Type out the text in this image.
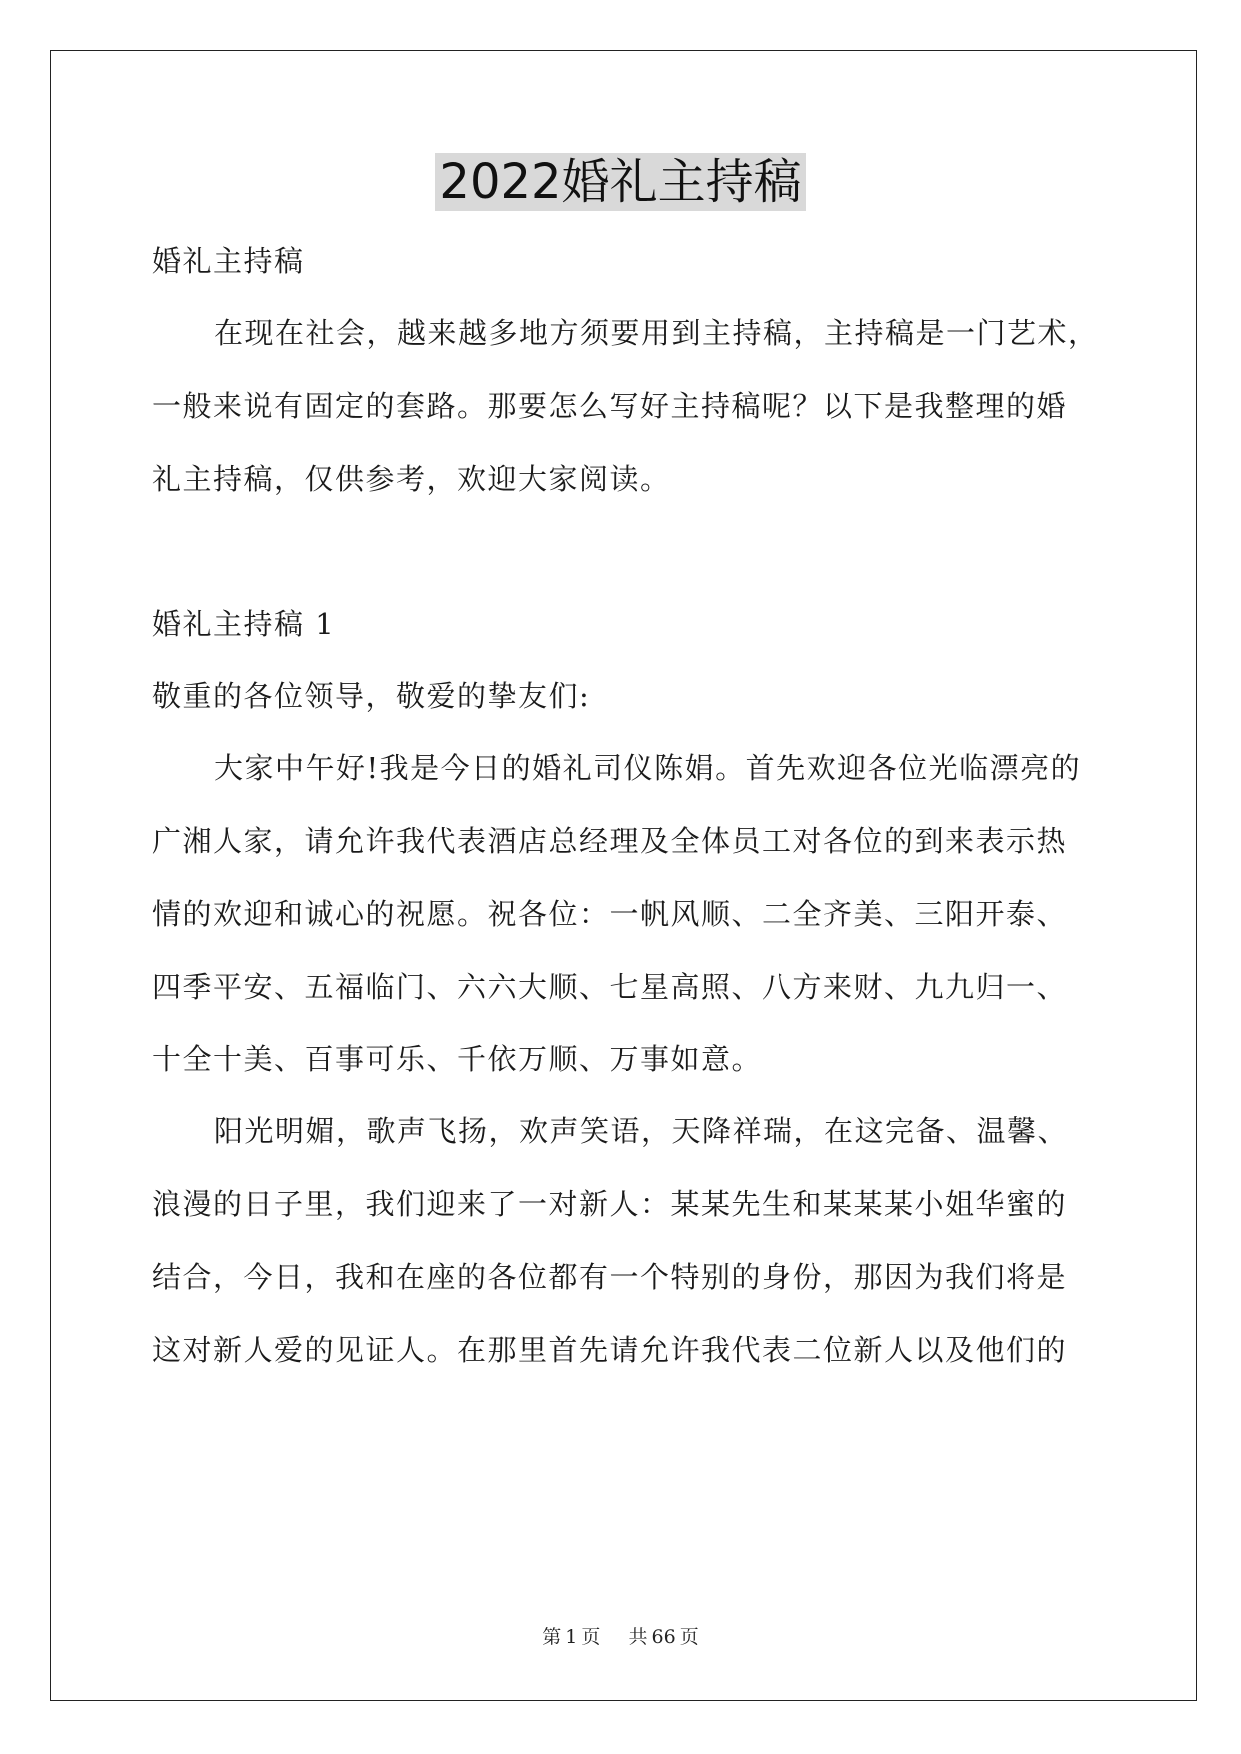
2022婚礼主持稿
婚礼主持稿
在现在社会，越来越多地方须要用到主持稿，主持稿是一门艺术，
一般来说有固定的套路。那要怎么写好主持稿呢？以下是我整理的婚
礼主持稿，仅供参考，欢迎大家阅读。
婚礼主持稿 1
敬重的各位领导，敬爱的挚友们:
大家中午好!我是今日的婚礼司仪陈娟。首先欢迎各位光临漂亮的
广湘人家，请允许我代表酒店总经理及全体员工对各位的到来表示热
情的欢迎和诚心的祝愿。祝各位：一帆风顺、二全齐美、三阳开泰、
四季平安、五福临门、六六大顺、七星高照、八方来财、九九归一、
十全十美、百事可乐、千依万顺、万事如意。
阳光明媚，歌声飞扬，欢声笑语，天降祥瑞，在这完备、温馨、
浪漫的日子里，我们迎来了一对新人：某某先生和某某某小姐华蜜的
结合，今日，我和在座的各位都有一个特别的身份，那因为我们将是
这对新人爱的见证人。在那里首先请允许我代表二位新人以及他们的
第 1 页 共 66 页
